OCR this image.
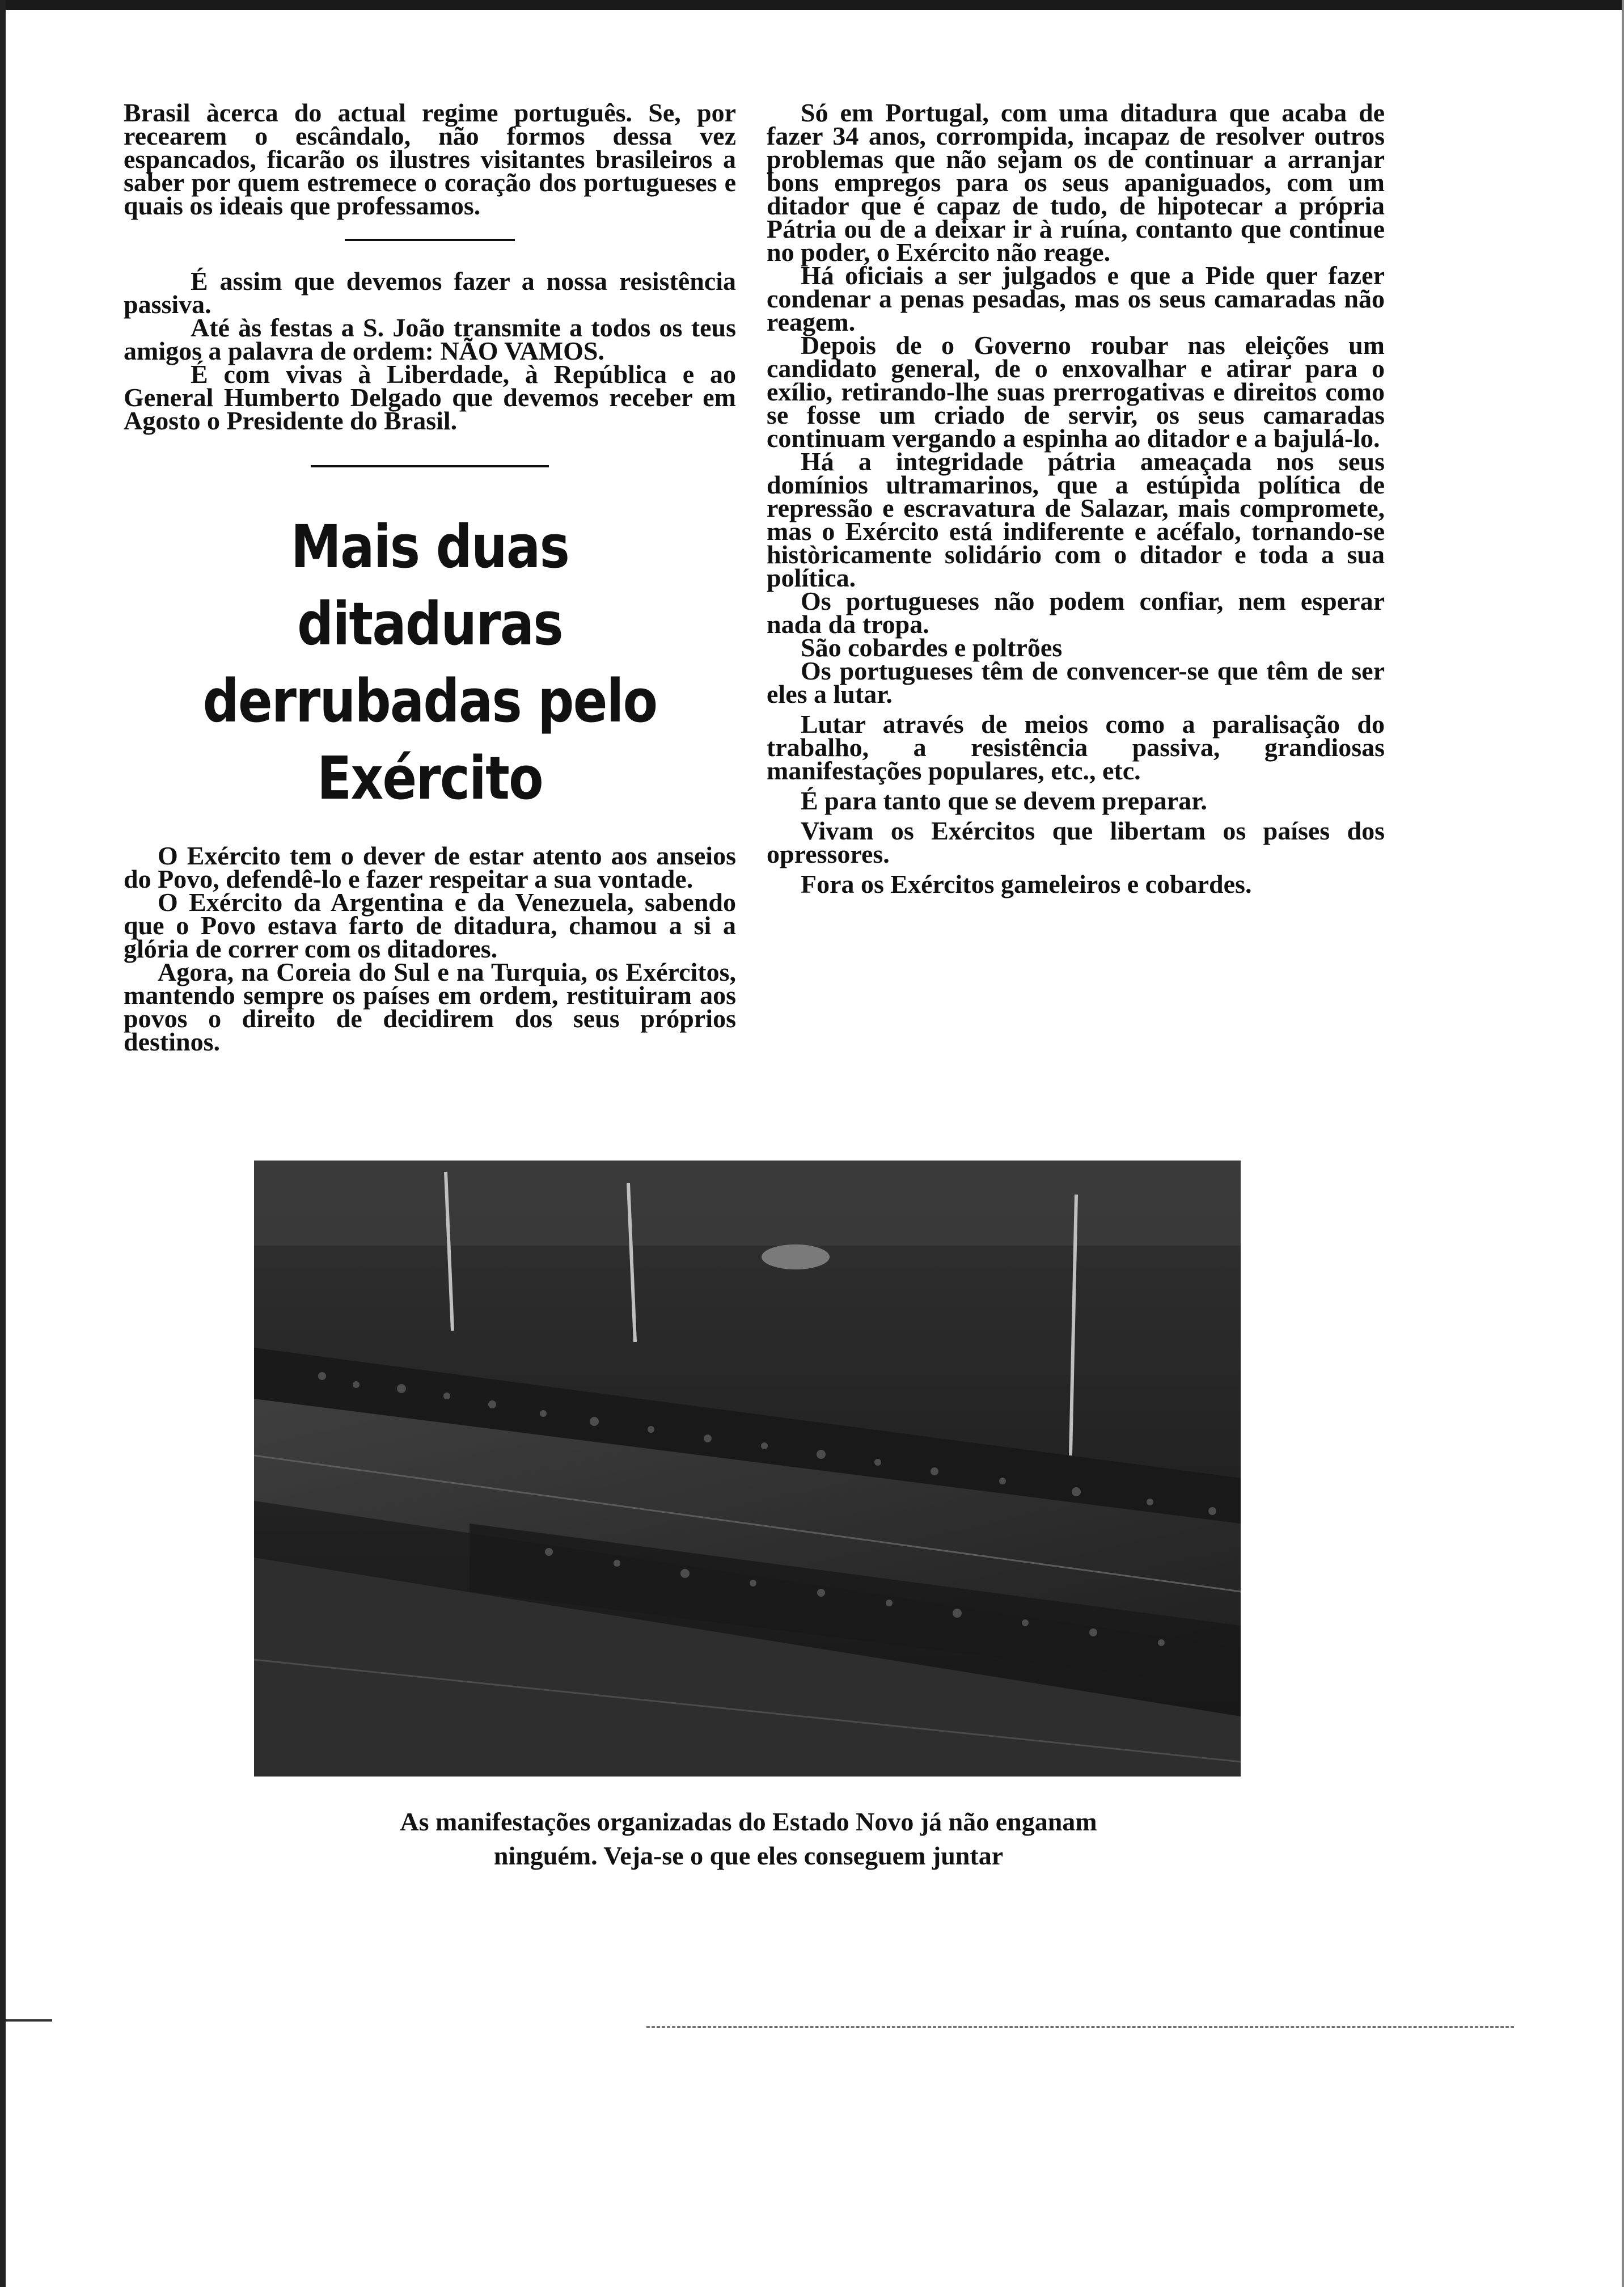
Brasil àcerca do actual regime português. Se, por recearem o escândalo, não formos dessa vez espancados, ficarão os ilustres visitantes brasileiros a saber por quem estremece o coração dos portugueses e quais os ideais que professamos.

É assim que devemos fazer a nossa resistência passiva.

Até às festas a S. João transmite a todos os teus amigos a palavra de ordem: NÃO VAMOS.

É com vivas à Liberdade, à República e ao General Humberto Delgado que devemos receber em Agosto o Presidente do Brasil.

Mais duas ditaduras
derrubadas pelo Exército

O Exército tem o dever de estar atento aos anseios do Povo, defendê-lo e fazer respeitar a sua vontade.

O Exército da Argentina e da Venezuela, sabendo que o Povo estava farto de ditadura, chamou a si a glória de correr com os ditadores.

Agora, na Coreia do Sul e na Turquia, os Exércitos, mantendo sempre os países em ordem, restituiram aos povos o direito de decidirem dos seus próprios destinos.

Só em Portugal, com uma ditadura que acaba de fazer 34 anos, corrompida, incapaz de resolver outros problemas que não sejam os de continuar a arranjar bons empregos para os seus apaniguados, com um ditador que é capaz de tudo, de hipotecar a própria Pátria ou de a deixar ir à ruína, contanto que continue no poder, o Exército não reage.

Há oficiais a ser julgados e que a Pide quer fazer condenar a penas pesadas, mas os seus camaradas não reagem.

Depois de o Governo roubar nas eleições um candidato general, de o enxovalhar e atirar para o exílio, retirando-lhe suas prerrogativas e direitos como se fosse um criado de servir, os seus camaradas continuam vergando a espinha ao ditador e a bajulá-lo.

Há a integridade pátria ameaçada nos seus domínios ultramarinos, que a estúpida política de repressão e escravatura de Salazar, mais compromete, mas o Exército está indiferente e acéfalo, tornando-se històricamente solidário com o ditador e toda a sua política.

Os portugueses não podem confiar, nem esperar nada da tropa.

São cobardes e poltrões

Os portugueses têm de convencer-se que têm de ser eles a lutar.

Lutar através de meios como a paralisação do trabalho, a resistência passiva, grandiosas manifestações populares, etc., etc.

É para tanto que se devem preparar.

Vivam os Exércitos que libertam os países dos opressores.

Fora os Exércitos gameleiros e cobardes.

As manifestações organizadas do Estado Novo já não enganam
ninguém. Veja-se o que eles conseguem juntar
